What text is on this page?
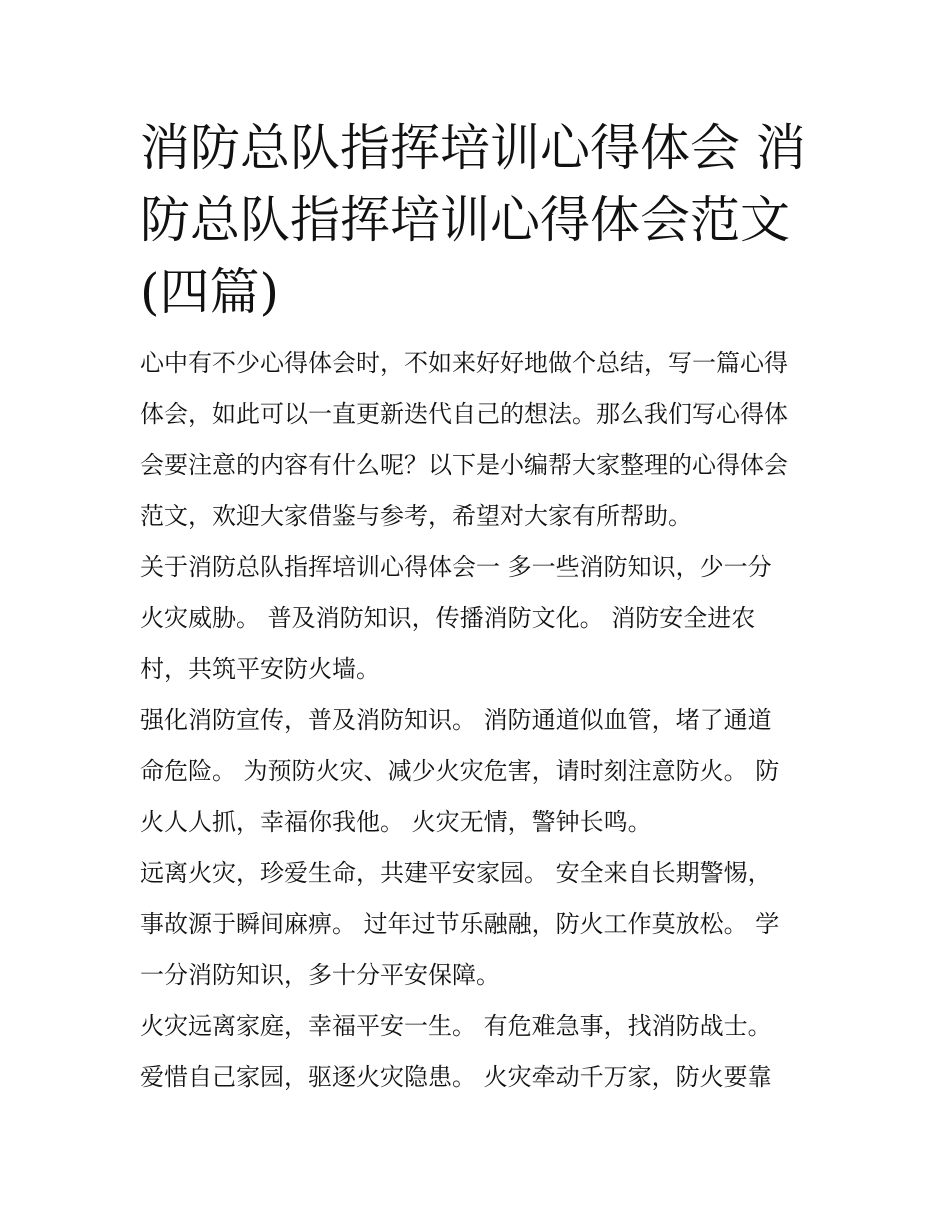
消防总队指挥培训心得体会 消
防总队指挥培训心得体会范文
(四篇)

心中有不少心得体会时，不如来好好地做个总结，写一篇心得
体会，如此可以一直更新迭代自己的想法。那么我们写心得体
会要注意的内容有什么呢？以下是小编帮大家整理的心得体会
范文，欢迎大家借鉴与参考，希望对大家有所帮助。

关于消防总队指挥培训心得体会一 多一些消防知识，少一分
火灾威胁。 普及消防知识，传播消防文化。 消防安全进农
村，共筑平安防火墙。

强化消防宣传，普及消防知识。 消防通道似血管，堵了通道
命危险。 为预防火灾、减少火灾危害，请时刻注意防火。 防
火人人抓，幸福你我他。 火灾无情，警钟长鸣。

远离火灾，珍爱生命，共建平安家园。 安全来自长期警惕，
事故源于瞬间麻痹。 过年过节乐融融，防火工作莫放松。 学
一分消防知识，多十分平安保障。

火灾远离家庭，幸福平安一生。 有危难急事，找消防战士。
爱惜自己家园，驱逐火灾隐患。 火灾牵动千万家，防火要靠
